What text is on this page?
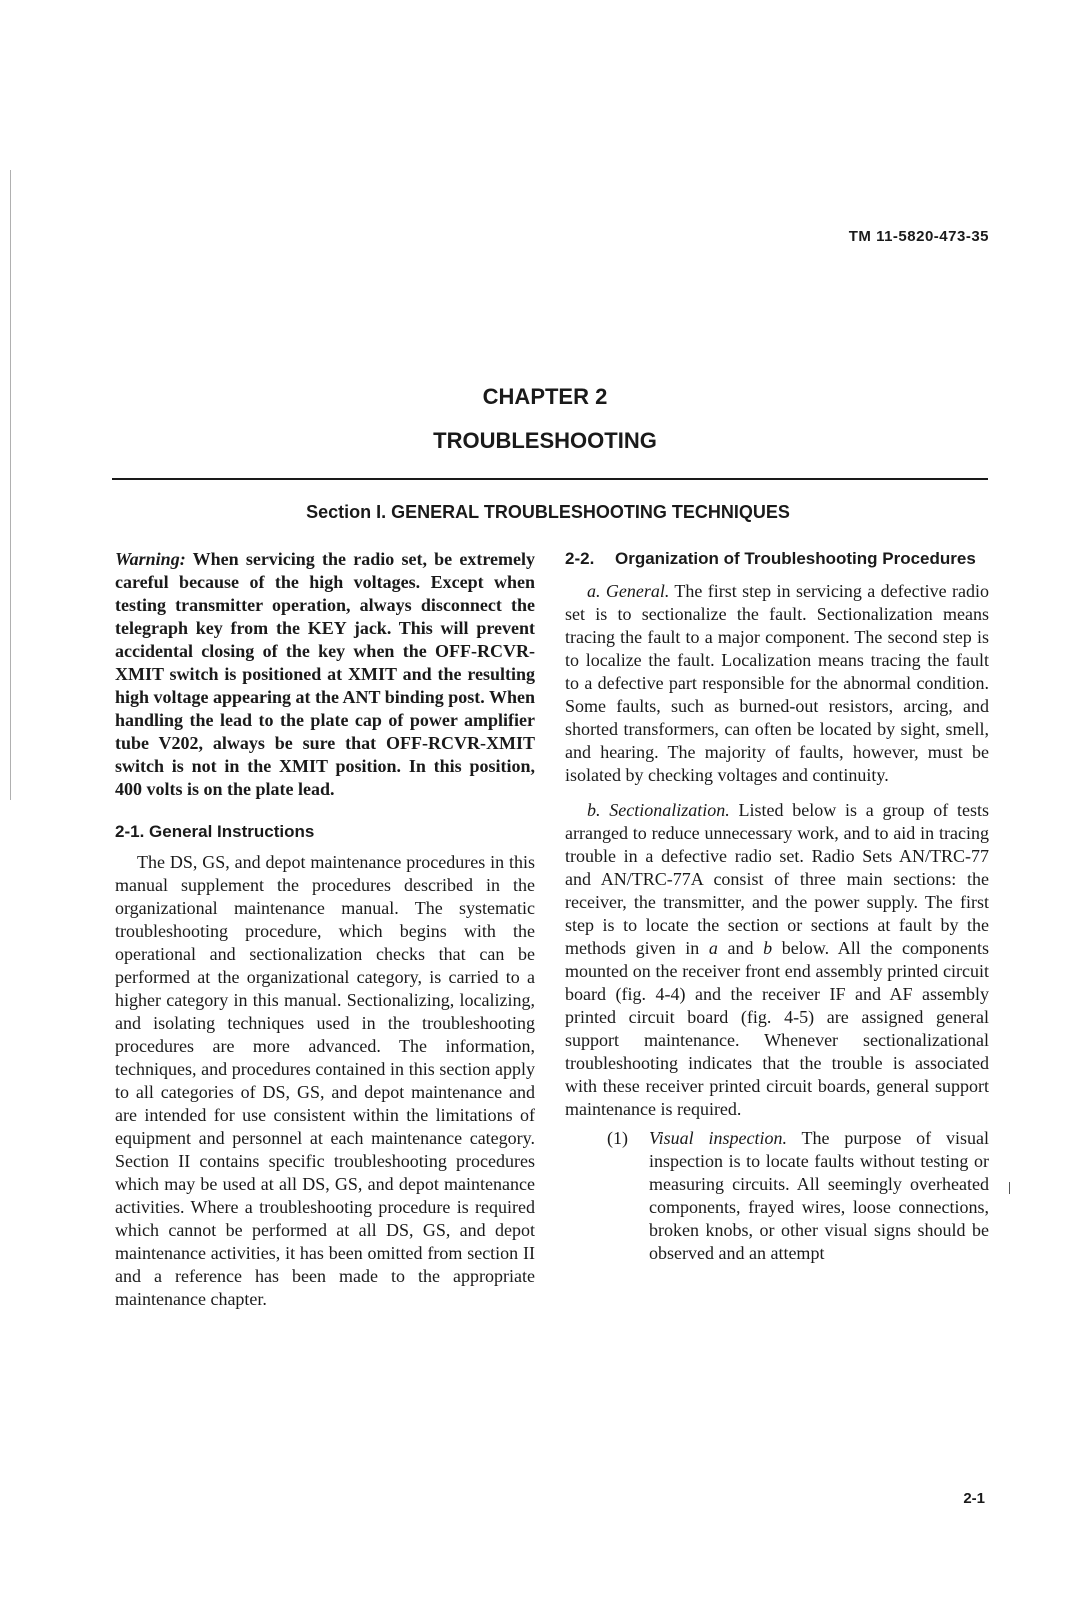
TM 11-5820-473-35
CHAPTER 2
TROUBLESHOOTING
Section I. GENERAL TROUBLESHOOTING TECHNIQUES

Warning: When servicing the radio set, be extremely careful because of the high voltages. Except when testing transmitter operation, always disconnect the telegraph key from the KEY jack. This will prevent accidental closing of the key when the OFF-RCVR-XMIT switch is positioned at XMIT and the resulting high voltage appearing at the ANT binding post. When handling the lead to the plate cap of power amplifier tube V202, always be sure that OFF-RCVR-XMIT switch is not in the XMIT position. In this position, 400 volts is on the plate lead.

2-1. General Instructions

The DS, GS, and depot maintenance procedures in this manual supplement the procedures described in the organizational maintenance manual. The systematic troubleshooting procedure, which begins with the operational and sectionalization checks that can be performed at the organizational category, is carried to a higher category in this manual. Sectionalizing, localizing, and isolating techniques used in the troubleshooting procedures are more advanced. The information, techniques, and procedures contained in this section apply to all categories of DS, GS, and depot maintenance and are intended for use consistent within the limitations of equipment and personnel at each maintenance category. Section II contains specific troubleshooting procedures which may be used at all DS, GS, and depot maintenance activities. Where a troubleshooting procedure is required which cannot be performed at all DS, GS, and depot maintenance activities, it has been omitted from section II and a reference has been made to the appropriate maintenance chapter.

2-2. Organization of Troubleshooting Procedures

a. General. The first step in servicing a defective radio set is to sectionalize the fault. Sectionalization means tracing the fault to a major component. The second step is to localize the fault. Localization means tracing the fault to a defective part responsible for the abnormal condition. Some faults, such as burned-out resistors, arcing, and shorted transformers, can often be located by sight, smell, and hearing. The majority of faults, however, must be isolated by checking voltages and continuity.

b. Sectionalization. Listed below is a group of tests arranged to reduce unnecessary work, and to aid in tracing trouble in a defective radio set. Radio Sets AN/TRC-77 and AN/TRC-77A consist of three main sections: the receiver, the transmitter, and the power supply. The first step is to locate the section or sections at fault by the methods given in a and b below. All the components mounted on the receiver front end assembly printed circuit board (fig. 4-4) and the receiver IF and AF assembly printed circuit board (fig. 4-5) are assigned general support maintenance. Whenever sectionalizational troubleshooting indicates that the trouble is associated with these receiver printed circuit boards, general support maintenance is required.

(1) Visual inspection. The purpose of visual inspection is to locate faults without testing or measuring circuits. All seemingly overheated components, frayed wires, loose connections, broken knobs, or other visual signs should be observed and an attempt

2-1
